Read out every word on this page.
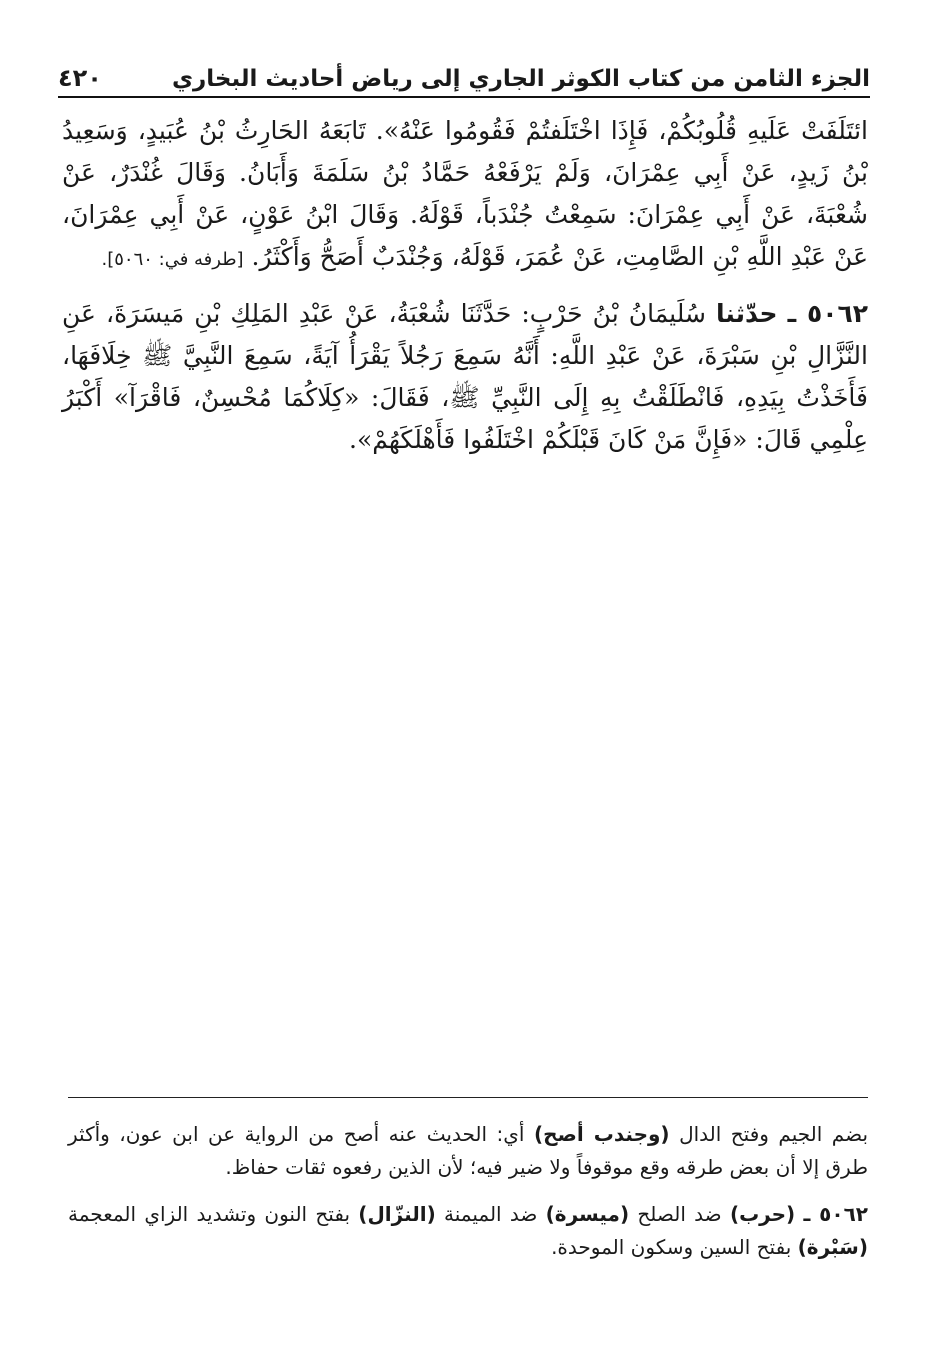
الجزء الثامن من كتاب الكوثر الجاري إلى رياض أحاديث البخاري
٤٢٠

ائتَلَفَتْ عَلَيهِ قُلُوبُكُمْ، فَإِذَا اخْتَلَفتُمْ فَقُومُوا عَنْهُ». تَابَعَهُ الحَارِثُ بْنُ عُبَيدٍ، وَسَعِيدُ بْنُ زَيدٍ، عَنْ أَبِي عِمْرَانَ، وَلَمْ يَرْفَعْهُ حَمَّادُ بْنُ سَلَمَةَ وَأَبَانُ. وَقَالَ غُنْدَرٌ، عَنْ شُعْبَةَ، عَنْ أَبِي عِمْرَانَ: سَمِعْتُ جُنْدَباً، قَوْلَهُ. وَقَالَ ابْنُ عَوْنٍ، عَنْ أَبِي عِمْرَانَ، عَنْ عَبْدِ اللَّهِ بْنِ الصَّامِتِ، عَنْ عُمَرَ، قَوْلَهُ، وَجُنْدَبٌ أَصَحُّ وَأَكْثَرُ. [طرفه في: ٥٠٦٠].

٥٠٦٢ ـ حدّثنا سُلَيمَانُ بْنُ حَرْبٍ: حَدَّثَنَا شُعْبَةُ، عَنْ عَبْدِ المَلِكِ بْنِ مَيسَرَةَ، عَنِ النَّزَّالِ بْنِ سَبْرَةَ، عَنْ عَبْدِ اللَّهِ: أَنَّهُ سَمِعَ رَجُلاً يَقْرَأُ آيَةً، سَمِعَ النَّبِيَّ ﷺ خِلَافَهَا، فَأَخَذْتُ بِيَدِهِ، فَانْطَلَقْتُ بِهِ إِلَى النَّبِيِّ ﷺ، فَقَالَ: «كِلَاكُمَا مُحْسِنٌ، فَاقْرَآ» أَكْبَرُ عِلْمِي قَالَ: «فَإِنَّ مَنْ كَانَ قَبْلَكُمْ اخْتَلَفُوا فَأَهْلَكَهُمْ».

بضم الجيم وفتح الدال (وجندب أصح) أي: الحديث عنه أصح من الرواية عن ابن عون، وأكثر طرق إلا أن بعض طرقه وقع موقوفاً ولا ضير فيه؛ لأن الذين رفعوه ثقات حفاظ.

٥٠٦٢ ـ (حرب) ضد الصلح (ميسرة) ضد الميمنة (النزّال) بفتح النون وتشديد الزاي المعجمة (سَبْرة) بفتح السين وسكون الموحدة.
